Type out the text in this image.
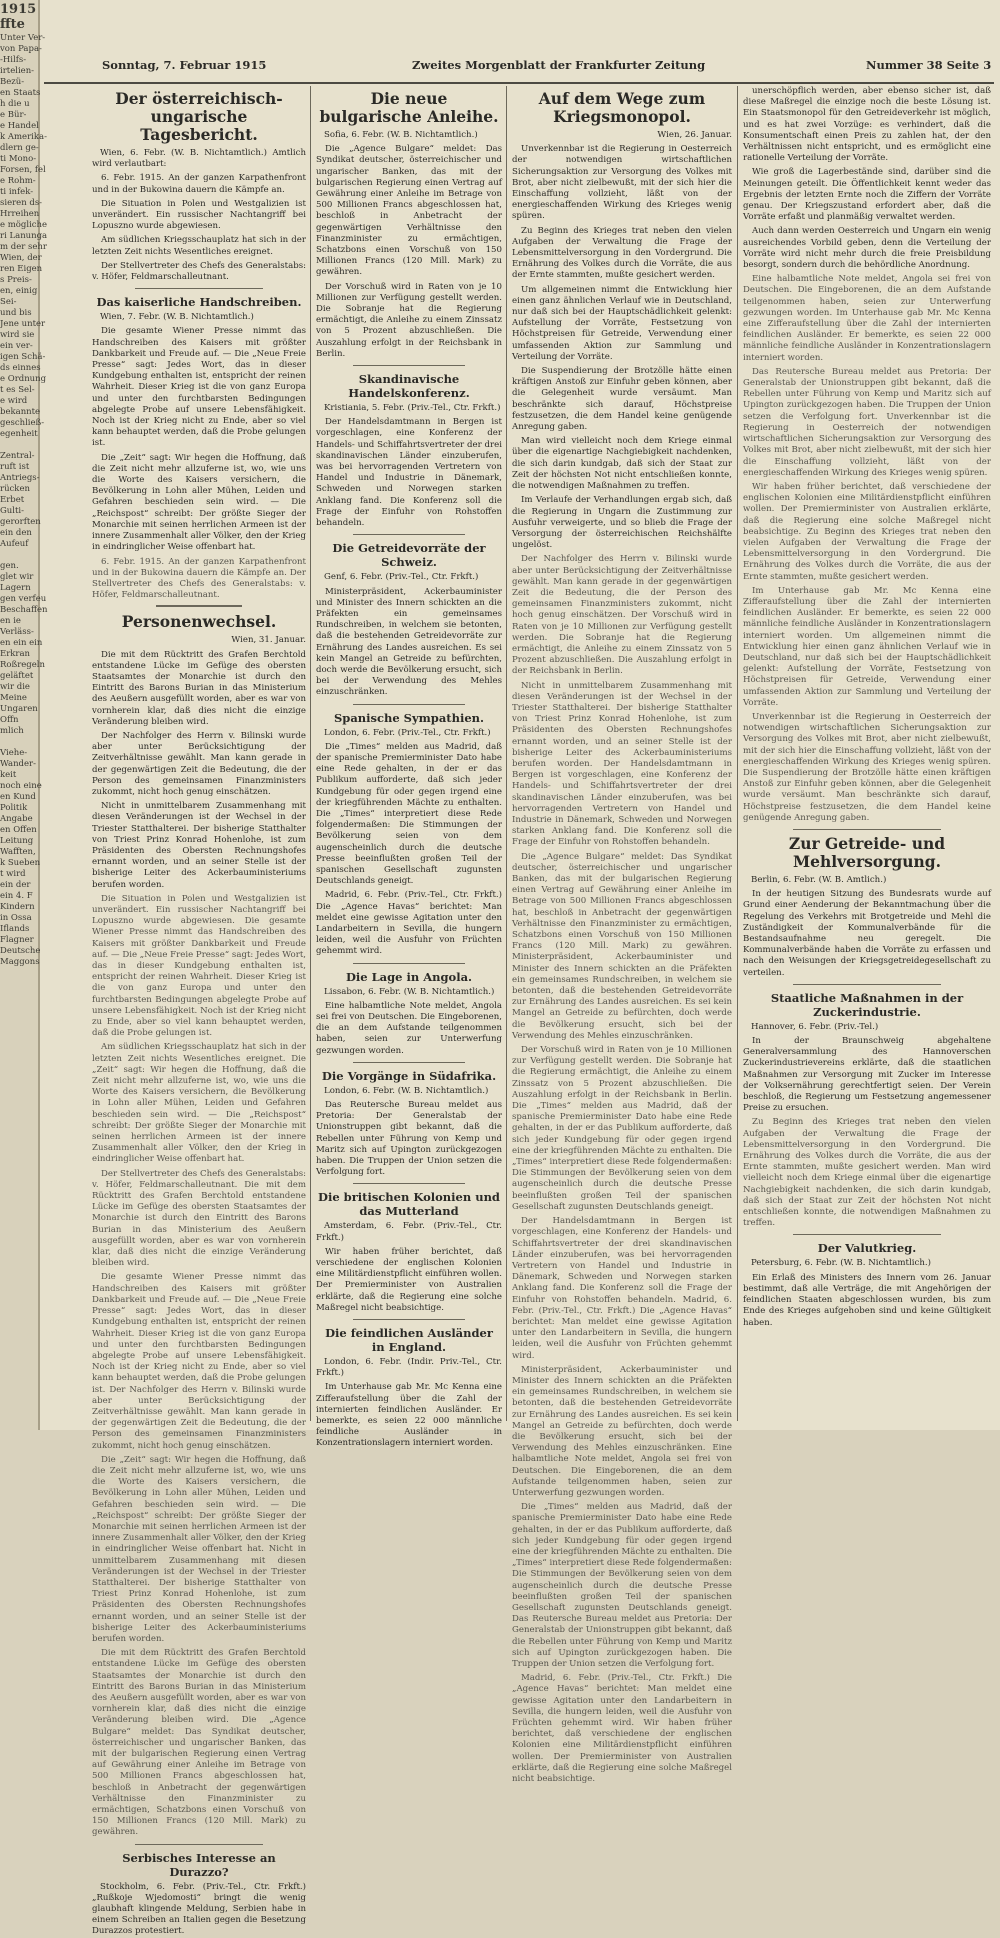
1915
ffte
Unter Ver-
von Papa-
-Hilfs-
irtelien-
Bezü-
en Staats
h die u
e Bür-
e Handel
k Amerika-
dlern ge-
ti Mono-
Forsen, fel
e Rohm-
ti infek-
sieren ds-
Hrreihen
e mögliche
ri Lanunga
m der sehr
Wien, der
ren Eigen
s Preis-
en, einig
Sei-
und bis
Jene unter
wird sie
ein ver-
igen Schä-
ds einnes
e Ordnung
t es Sel-
e wird
bekannte
geschließ-
egenheit

Zentral-
ruft ist
Antriegs-
rücken
Erbet
Gulti-
gerorften
ein den
Aufeuf

gen.
glet wir
Lagern
gen verfeu
Beschaffen
en ie
Verläss-
en ein ein
Erkran
Roßregeln
geläftet
wir die
Meine
Ungaren
Offn
mlich

Viehe-
Wander-
keit
noch eine
en Kund
Politik
Angabe
en Offen
Leitung
Wafften,
k Sueben
t wird
ein der
ein 4. F
Kindern
in Ossa
Iflands
Flagner
Deutsche
Maggons
Sonntag, 7. Februar 1915	Zweites Morgenblatt der Frankfurter Zeitung	Nummer 38 Seite 3
Der österreichisch-ungarische Tagesbericht.
Wien, 6. Febr. (W. B. Nichtamtlich.) Amtlich wird verlautbart:
6. Febr. 1915. An der ganzen Karpathenfront und in der Bukowina dauern die Kämpfe an.
Die Situation in Polen und Westgalizien ist unverändert. Ein russischer Nachtangriff bei Lopuszno wurde abgewiesen.
Am südlichen Kriegsschauplatz hat sich in der letzten Zeit nichts Wesentliches ereignet.
Der Stellvertreter des Chefs des Generalstabs: v. Höfer, Feldmarschalleutnant.
Das kaiserliche Handschreiben.
Wien, 7. Febr. (W. B. Nichtamtlich.)
Die gesamte Wiener Presse nimmt das Handschreiben des Kaisers mit größter Dankbarkeit und Freude auf. — Die „Neue Freie Presse“ sagt: Jedes Wort, das in dieser Kundgebung enthalten ist, entspricht der reinen Wahrheit. Dieser Krieg ist die von ganz Europa und unter den furchtbarsten Bedingungen abgelegte Probe auf unsere Lebensfähigkeit. Noch ist der Krieg nicht zu Ende, aber so viel kann behauptet werden, daß die Probe gelungen ist.
Die „Zeit“ sagt: Wir hegen die Hoffnung, daß die Zeit nicht mehr allzuferne ist, wo, wie uns die Worte des Kaisers versichern, die Bevölkerung in Lohn aller Mühen, Leiden und Gefahren beschieden sein wird. — Die „Reichspost“ schreibt: Der größte Sieger der Monarchie mit seinen herrlichen Armeen ist der innere Zusammenhalt aller Völker, den der Krieg in eindringlicher Weise offenbart hat.
6. Febr. 1915. An der ganzen Karpathenfront und in der Bukowina dauern die Kämpfe an. Der Stellvertreter des Chefs des Generalstabs: v. Höfer, Feldmarschalleutnant.
Personenwechsel.
Wien, 31. Januar.
Die mit dem Rücktritt des Grafen Berchtold entstandene Lücke im Gefüge des obersten Staatsamtes der Monarchie ist durch den Eintritt des Barons Burian in das Ministerium des Aeußern ausgefüllt worden, aber es war von vornherein klar, daß dies nicht die einzige Veränderung bleiben wird.
Der Nachfolger des Herrn v. Bilinski wurde aber unter Berücksichtigung der Zeitverhältnisse gewählt. Man kann gerade in der gegenwärtigen Zeit die Bedeutung, die der Person des gemeinsamen Finanzministers zukommt, nicht hoch genug einschätzen.
Nicht in unmittelbarem Zusammenhang mit diesen Veränderungen ist der Wechsel in der Triester Statthalterei. Der bisherige Statthalter von Triest Prinz Konrad Hohenlohe, ist zum Präsidenten des Obersten Rechnungshofes ernannt worden, und an seiner Stelle ist der bisherige Leiter des Ackerbauministeriums berufen worden.
Die Situation in Polen und Westgalizien ist unverändert. Ein russischer Nachtangriff bei Lopuszno wurde abgewiesen. Die gesamte Wiener Presse nimmt das Handschreiben des Kaisers mit größter Dankbarkeit und Freude auf. — Die „Neue Freie Presse“ sagt: Jedes Wort, das in dieser Kundgebung enthalten ist, entspricht der reinen Wahrheit. Dieser Krieg ist die von ganz Europa und unter den furchtbarsten Bedingungen abgelegte Probe auf unsere Lebensfähigkeit. Noch ist der Krieg nicht zu Ende, aber so viel kann behauptet werden, daß die Probe gelungen ist.
Am südlichen Kriegsschauplatz hat sich in der letzten Zeit nichts Wesentliches ereignet. Die „Zeit“ sagt: Wir hegen die Hoffnung, daß die Zeit nicht mehr allzuferne ist, wo, wie uns die Worte des Kaisers versichern, die Bevölkerung in Lohn aller Mühen, Leiden und Gefahren beschieden sein wird. — Die „Reichspost“ schreibt: Der größte Sieger der Monarchie mit seinen herrlichen Armeen ist der innere Zusammenhalt aller Völker, den der Krieg in eindringlicher Weise offenbart hat.
Der Stellvertreter des Chefs des Generalstabs: v. Höfer, Feldmarschalleutnant. Die mit dem Rücktritt des Grafen Berchtold entstandene Lücke im Gefüge des obersten Staatsamtes der Monarchie ist durch den Eintritt des Barons Burian in das Ministerium des Aeußern ausgefüllt worden, aber es war von vornherein klar, daß dies nicht die einzige Veränderung bleiben wird.
Die gesamte Wiener Presse nimmt das Handschreiben des Kaisers mit größter Dankbarkeit und Freude auf. — Die „Neue Freie Presse“ sagt: Jedes Wort, das in dieser Kundgebung enthalten ist, entspricht der reinen Wahrheit. Dieser Krieg ist die von ganz Europa und unter den furchtbarsten Bedingungen abgelegte Probe auf unsere Lebensfähigkeit. Noch ist der Krieg nicht zu Ende, aber so viel kann behauptet werden, daß die Probe gelungen ist. Der Nachfolger des Herrn v. Bilinski wurde aber unter Berücksichtigung der Zeitverhältnisse gewählt. Man kann gerade in der gegenwärtigen Zeit die Bedeutung, die der Person des gemeinsamen Finanzministers zukommt, nicht hoch genug einschätzen.
Die „Zeit“ sagt: Wir hegen die Hoffnung, daß die Zeit nicht mehr allzuferne ist, wo, wie uns die Worte des Kaisers versichern, die Bevölkerung in Lohn aller Mühen, Leiden und Gefahren beschieden sein wird. — Die „Reichspost“ schreibt: Der größte Sieger der Monarchie mit seinen herrlichen Armeen ist der innere Zusammenhalt aller Völker, den der Krieg in eindringlicher Weise offenbart hat. Nicht in unmittelbarem Zusammenhang mit diesen Veränderungen ist der Wechsel in der Triester Statthalterei. Der bisherige Statthalter von Triest Prinz Konrad Hohenlohe, ist zum Präsidenten des Obersten Rechnungshofes ernannt worden, und an seiner Stelle ist der bisherige Leiter des Ackerbauministeriums berufen worden.
Die mit dem Rücktritt des Grafen Berchtold entstandene Lücke im Gefüge des obersten Staatsamtes der Monarchie ist durch den Eintritt des Barons Burian in das Ministerium des Aeußern ausgefüllt worden, aber es war von vornherein klar, daß dies nicht die einzige Veränderung bleiben wird. Die „Agence Bulgare“ meldet: Das Syndikat deutscher, österreichischer und ungarischer Banken, das mit der bulgarischen Regierung einen Vertrag auf Gewährung einer Anleihe im Betrage von 500 Millionen Francs abgeschlossen hat, beschloß in Anbetracht der gegenwärtigen Verhältnisse den Finanzminister zu ermächtigen, Schatzbons einen Vorschuß von 150 Millionen Francs (120 Mill. Mark) zu gewähren.
Serbisches Interesse an Durazzo?
Stockholm, 6. Febr. (Priv.-Tel., Ctr. Frkft.) „Rußkoje Wjedomosti“ bringt die wenig glaubhaft klingende Meldung, Serbien habe in einem Schreiben an Italien gegen die Besetzung Durazzos protestiert.
Die neue bulgarische Anleihe.
Sofia, 6. Febr. (W. B. Nichtamtlich.)
Die „Agence Bulgare“ meldet: Das Syndikat deutscher, österreichischer und ungarischer Banken, das mit der bulgarischen Regierung einen Vertrag auf Gewährung einer Anleihe im Betrage von 500 Millionen Francs abgeschlossen hat, beschloß in Anbetracht der gegenwärtigen Verhältnisse den Finanzminister zu ermächtigen, Schatzbons einen Vorschuß von 150 Millionen Francs (120 Mill. Mark) zu gewähren.
Der Vorschuß wird in Raten von je 10 Millionen zur Verfügung gestellt werden. Die Sobranje hat die Regierung ermächtigt, die Anleihe zu einem Zinssatz von 5 Prozent abzuschließen. Die Auszahlung erfolgt in der Reichsbank in Berlin.
Skandinavische Handelskonferenz.
Kristiania, 5. Febr. (Priv.-Tel., Ctr. Frkft.)
Der Handelsdamtmann in Bergen ist vorgeschlagen, eine Konferenz der Handels- und Schiffahrtsvertreter der drei skandinavischen Länder einzuberufen, was bei hervorragenden Vertretern von Handel und Industrie in Dänemark, Schweden und Norwegen starken Anklang fand. Die Konferenz soll die Frage der Einfuhr von Rohstoffen behandeln.
Die Getreidevorräte der Schweiz.
Genf, 6. Febr. (Priv.-Tel., Ctr. Frkft.)
Ministerpräsident, Ackerbauminister und Minister des Innern schickten an die Präfekten ein gemeinsames Rundschreiben, in welchem sie betonten, daß die bestehenden Getreidevorräte zur Ernährung des Landes ausreichen. Es sei kein Mangel an Getreide zu befürchten, doch werde die Bevölkerung ersucht, sich bei der Verwendung des Mehles einzuschränken.
Spanische Sympathien.
London, 6. Febr. (Priv.-Tel., Ctr. Frkft.)
Die „Times“ melden aus Madrid, daß der spanische Premierminister Dato habe eine Rede gehalten, in der er das Publikum aufforderte, daß sich jeder Kundgebung für oder gegen irgend eine der kriegführenden Mächte zu enthalten. Die „Times“ interpretiert diese Rede folgendermaßen: Die Stimmungen der Bevölkerung seien von dem augenscheinlich durch die deutsche Presse beeinflußten großen Teil der spanischen Gesellschaft zugunsten Deutschlands geneigt.
Madrid, 6. Febr. (Priv.-Tel., Ctr. Frkft.) Die „Agence Havas“ berichtet: Man meldet eine gewisse Agitation unter den Landarbeitern in Sevilla, die hungern leiden, weil die Ausfuhr von Früchten gehemmt wird.
Die Lage in Angola.
Lissabon, 6. Febr. (W. B. Nichtamtlich.)
Eine halbamtliche Note meldet, Angola sei frei von Deutschen. Die Eingeborenen, die an dem Aufstande teilgenommen haben, seien zur Unterwerfung gezwungen worden.
Die Vorgänge in Südafrika.
London, 6. Febr. (W. B. Nichtamtlich.)
Das Reutersche Bureau meldet aus Pretoria: Der Generalstab der Unionstruppen gibt bekannt, daß die Rebellen unter Führung von Kemp und Maritz sich auf Upington zurückgezogen haben. Die Truppen der Union setzen die Verfolgung fort.
Die britischen Kolonien und das Mutterland
Amsterdam, 6. Febr. (Priv.-Tel., Ctr. Frkft.)
Wir haben früher berichtet, daß verschiedene der englischen Kolonien eine Militärdienstpflicht einführen wollen. Der Premierminister von Australien erklärte, daß die Regierung eine solche Maßregel nicht beabsichtige.
Die feindlichen Ausländer in England.
London, 6. Febr. (Indir. Priv.-Tel., Ctr. Frkft.)
Im Unterhause gab Mr. Mc Kenna eine Zifferaufstellung über die Zahl der internierten feindlichen Ausländer. Er bemerkte, es seien 22 000 männliche feindliche Ausländer in Konzentrationslagern interniert worden.
Auf dem Wege zum Kriegsmonopol.
Wien, 26. Januar.
Unverkennbar ist die Regierung in Oesterreich der notwendigen wirtschaftlichen Sicherungsaktion zur Versorgung des Volkes mit Brot, aber nicht zielbewußt, mit der sich hier die Einschaffung vollzieht, läßt von der energieschaffenden Wirkung des Krieges wenig spüren.
Zu Beginn des Krieges trat neben den vielen Aufgaben der Verwaltung die Frage der Lebensmittelversorgung in den Vordergrund. Die Ernährung des Volkes durch die Vorräte, die aus der Ernte stammten, mußte gesichert werden.
Um allgemeinen nimmt die Entwicklung hier einen ganz ähnlichen Verlauf wie in Deutschland, nur daß sich bei der Hauptschädlichkeit gelenkt: Aufstellung der Vorräte, Festsetzung von Höchstpreisen für Getreide, Verwendung einer umfassenden Aktion zur Sammlung und Verteilung der Vorräte.
Die Suspendierung der Brotzölle hätte einen kräftigen Anstoß zur Einfuhr geben können, aber die Gelegenheit wurde versäumt. Man beschränkte sich darauf, Höchstpreise festzusetzen, die dem Handel keine genügende Anregung gaben.
Man wird vielleicht noch dem Kriege einmal über die eigenartige Nachgiebigkeit nachdenken, die sich darin kundgab, daß sich der Staat zur Zeit der höchsten Not nicht entschließen konnte, die notwendigen Maßnahmen zu treffen.
Im Verlaufe der Verhandlungen ergab sich, daß die Regierung in Ungarn die Zustimmung zur Ausfuhr verweigerte, und so blieb die Frage der Versorgung der österreichischen Reichshälfte ungelöst.
Der Nachfolger des Herrn v. Bilinski wurde aber unter Berücksichtigung der Zeitverhältnisse gewählt. Man kann gerade in der gegenwärtigen Zeit die Bedeutung, die der Person des gemeinsamen Finanzministers zukommt, nicht hoch genug einschätzen. Der Vorschuß wird in Raten von je 10 Millionen zur Verfügung gestellt werden. Die Sobranje hat die Regierung ermächtigt, die Anleihe zu einem Zinssatz von 5 Prozent abzuschließen. Die Auszahlung erfolgt in der Reichsbank in Berlin.
Nicht in unmittelbarem Zusammenhang mit diesen Veränderungen ist der Wechsel in der Triester Statthalterei. Der bisherige Statthalter von Triest Prinz Konrad Hohenlohe, ist zum Präsidenten des Obersten Rechnungshofes ernannt worden, und an seiner Stelle ist der bisherige Leiter des Ackerbauministeriums berufen worden. Der Handelsdamtmann in Bergen ist vorgeschlagen, eine Konferenz der Handels- und Schiffahrtsvertreter der drei skandinavischen Länder einzuberufen, was bei hervorragenden Vertretern von Handel und Industrie in Dänemark, Schweden und Norwegen starken Anklang fand. Die Konferenz soll die Frage der Einfuhr von Rohstoffen behandeln.
Die „Agence Bulgare“ meldet: Das Syndikat deutscher, österreichischer und ungarischer Banken, das mit der bulgarischen Regierung einen Vertrag auf Gewährung einer Anleihe im Betrage von 500 Millionen Francs abgeschlossen hat, beschloß in Anbetracht der gegenwärtigen Verhältnisse den Finanzminister zu ermächtigen, Schatzbons einen Vorschuß von 150 Millionen Francs (120 Mill. Mark) zu gewähren. Ministerpräsident, Ackerbauminister und Minister des Innern schickten an die Präfekten ein gemeinsames Rundschreiben, in welchem sie betonten, daß die bestehenden Getreidevorräte zur Ernährung des Landes ausreichen. Es sei kein Mangel an Getreide zu befürchten, doch werde die Bevölkerung ersucht, sich bei der Verwendung des Mehles einzuschränken.
Der Vorschuß wird in Raten von je 10 Millionen zur Verfügung gestellt werden. Die Sobranje hat die Regierung ermächtigt, die Anleihe zu einem Zinssatz von 5 Prozent abzuschließen. Die Auszahlung erfolgt in der Reichsbank in Berlin. Die „Times“ melden aus Madrid, daß der spanische Premierminister Dato habe eine Rede gehalten, in der er das Publikum aufforderte, daß sich jeder Kundgebung für oder gegen irgend eine der kriegführenden Mächte zu enthalten. Die „Times“ interpretiert diese Rede folgendermaßen: Die Stimmungen der Bevölkerung seien von dem augenscheinlich durch die deutsche Presse beeinflußten großen Teil der spanischen Gesellschaft zugunsten Deutschlands geneigt.
Der Handelsdamtmann in Bergen ist vorgeschlagen, eine Konferenz der Handels- und Schiffahrtsvertreter der drei skandinavischen Länder einzuberufen, was bei hervorragenden Vertretern von Handel und Industrie in Dänemark, Schweden und Norwegen starken Anklang fand. Die Konferenz soll die Frage der Einfuhr von Rohstoffen behandeln. Madrid, 6. Febr. (Priv.-Tel., Ctr. Frkft.) Die „Agence Havas“ berichtet: Man meldet eine gewisse Agitation unter den Landarbeitern in Sevilla, die hungern leiden, weil die Ausfuhr von Früchten gehemmt wird.
Ministerpräsident, Ackerbauminister und Minister des Innern schickten an die Präfekten ein gemeinsames Rundschreiben, in welchem sie betonten, daß die bestehenden Getreidevorräte zur Ernährung des Landes ausreichen. Es sei kein Mangel an Getreide zu befürchten, doch werde die Bevölkerung ersucht, sich bei der Verwendung des Mehles einzuschränken. Eine halbamtliche Note meldet, Angola sei frei von Deutschen. Die Eingeborenen, die an dem Aufstande teilgenommen haben, seien zur Unterwerfung gezwungen worden.
Die „Times“ melden aus Madrid, daß der spanische Premierminister Dato habe eine Rede gehalten, in der er das Publikum aufforderte, daß sich jeder Kundgebung für oder gegen irgend eine der kriegführenden Mächte zu enthalten. Die „Times“ interpretiert diese Rede folgendermaßen: Die Stimmungen der Bevölkerung seien von dem augenscheinlich durch die deutsche Presse beeinflußten großen Teil der spanischen Gesellschaft zugunsten Deutschlands geneigt. Das Reutersche Bureau meldet aus Pretoria: Der Generalstab der Unionstruppen gibt bekannt, daß die Rebellen unter Führung von Kemp und Maritz sich auf Upington zurückgezogen haben. Die Truppen der Union setzen die Verfolgung fort.
Madrid, 6. Febr. (Priv.-Tel., Ctr. Frkft.) Die „Agence Havas“ berichtet: Man meldet eine gewisse Agitation unter den Landarbeitern in Sevilla, die hungern leiden, weil die Ausfuhr von Früchten gehemmt wird. Wir haben früher berichtet, daß verschiedene der englischen Kolonien eine Militärdienstpflicht einführen wollen. Der Premierminister von Australien erklärte, daß die Regierung eine solche Maßregel nicht beabsichtige.
unerschöpflich werden, aber ebenso sicher ist, daß diese Maßregel die einzige noch die beste Lösung ist. Ein Staatsmonopol für den Getreideverkehr ist möglich, und es hat zwei Vorzüge: es verhindert, daß die Konsumentschaft einen Preis zu zahlen hat, der den Verhältnissen nicht entspricht, und es ermöglicht eine rationelle Verteilung der Vorräte.
Wie groß die Lagerbestände sind, darüber sind die Meinungen geteilt. Die Öffentlichkeit kennt weder das Ergebnis der letzten Ernte noch die Ziffern der Vorräte genau. Der Kriegszustand erfordert aber, daß die Vorräte erfaßt und planmäßig verwaltet werden.
Auch dann werden Oesterreich und Ungarn ein wenig ausreichendes Vorbild geben, denn die Verteilung der Vorräte wird nicht mehr durch die freie Preisbildung besorgt, sondern durch die behördliche Anordnung.
Eine halbamtliche Note meldet, Angola sei frei von Deutschen. Die Eingeborenen, die an dem Aufstande teilgenommen haben, seien zur Unterwerfung gezwungen worden. Im Unterhause gab Mr. Mc Kenna eine Zifferaufstellung über die Zahl der internierten feindlichen Ausländer. Er bemerkte, es seien 22 000 männliche feindliche Ausländer in Konzentrationslagern interniert worden.
Das Reutersche Bureau meldet aus Pretoria: Der Generalstab der Unionstruppen gibt bekannt, daß die Rebellen unter Führung von Kemp und Maritz sich auf Upington zurückgezogen haben. Die Truppen der Union setzen die Verfolgung fort. Unverkennbar ist die Regierung in Oesterreich der notwendigen wirtschaftlichen Sicherungsaktion zur Versorgung des Volkes mit Brot, aber nicht zielbewußt, mit der sich hier die Einschaffung vollzieht, läßt von der energieschaffenden Wirkung des Krieges wenig spüren.
Wir haben früher berichtet, daß verschiedene der englischen Kolonien eine Militärdienstpflicht einführen wollen. Der Premierminister von Australien erklärte, daß die Regierung eine solche Maßregel nicht beabsichtige. Zu Beginn des Krieges trat neben den vielen Aufgaben der Verwaltung die Frage der Lebensmittelversorgung in den Vordergrund. Die Ernährung des Volkes durch die Vorräte, die aus der Ernte stammten, mußte gesichert werden.
Im Unterhause gab Mr. Mc Kenna eine Zifferaufstellung über die Zahl der internierten feindlichen Ausländer. Er bemerkte, es seien 22 000 männliche feindliche Ausländer in Konzentrationslagern interniert worden. Um allgemeinen nimmt die Entwicklung hier einen ganz ähnlichen Verlauf wie in Deutschland, nur daß sich bei der Hauptschädlichkeit gelenkt: Aufstellung der Vorräte, Festsetzung von Höchstpreisen für Getreide, Verwendung einer umfassenden Aktion zur Sammlung und Verteilung der Vorräte.
Unverkennbar ist die Regierung in Oesterreich der notwendigen wirtschaftlichen Sicherungsaktion zur Versorgung des Volkes mit Brot, aber nicht zielbewußt, mit der sich hier die Einschaffung vollzieht, läßt von der energieschaffenden Wirkung des Krieges wenig spüren. Die Suspendierung der Brotzölle hätte einen kräftigen Anstoß zur Einfuhr geben können, aber die Gelegenheit wurde versäumt. Man beschränkte sich darauf, Höchstpreise festzusetzen, die dem Handel keine genügende Anregung gaben.
Zur Getreide- und Mehlversorgung.
Berlin, 6. Febr. (W. B. Amtlich.)
In der heutigen Sitzung des Bundesrats wurde auf Grund einer Aenderung der Bekanntmachung über die Regelung des Verkehrs mit Brotgetreide und Mehl die Zuständigkeit der Kommunalverbände für die Bestandsaufnahme neu geregelt. Die Kommunalverbände haben die Vorräte zu erfassen und nach den Weisungen der Kriegsgetreidegesellschaft zu verteilen.
Staatliche Maßnahmen in der Zuckerindustrie.
Hannover, 6. Febr. (Priv.-Tel.)
In der Braunschweig abgehaltene Generalversammlung des Hannoverschen Zuckerindustrievereins erklärte, daß die staatlichen Maßnahmen zur Versorgung mit Zucker im Interesse der Volksernährung gerechtfertigt seien. Der Verein beschloß, die Regierung um Festsetzung angemessener Preise zu ersuchen.
Zu Beginn des Krieges trat neben den vielen Aufgaben der Verwaltung die Frage der Lebensmittelversorgung in den Vordergrund. Die Ernährung des Volkes durch die Vorräte, die aus der Ernte stammten, mußte gesichert werden. Man wird vielleicht noch dem Kriege einmal über die eigenartige Nachgiebigkeit nachdenken, die sich darin kundgab, daß sich der Staat zur Zeit der höchsten Not nicht entschließen konnte, die notwendigen Maßnahmen zu treffen.
Der Valutkrieg.
Petersburg, 6. Febr. (W. B. Nichtamtlich.)
Ein Erlaß des Ministers des Innern vom 26. Januar bestimmt, daß alle Verträge, die mit Angehörigen der feindlichen Staaten abgeschlossen wurden, bis zum Ende des Krieges aufgehoben sind und keine Gültigkeit haben.
